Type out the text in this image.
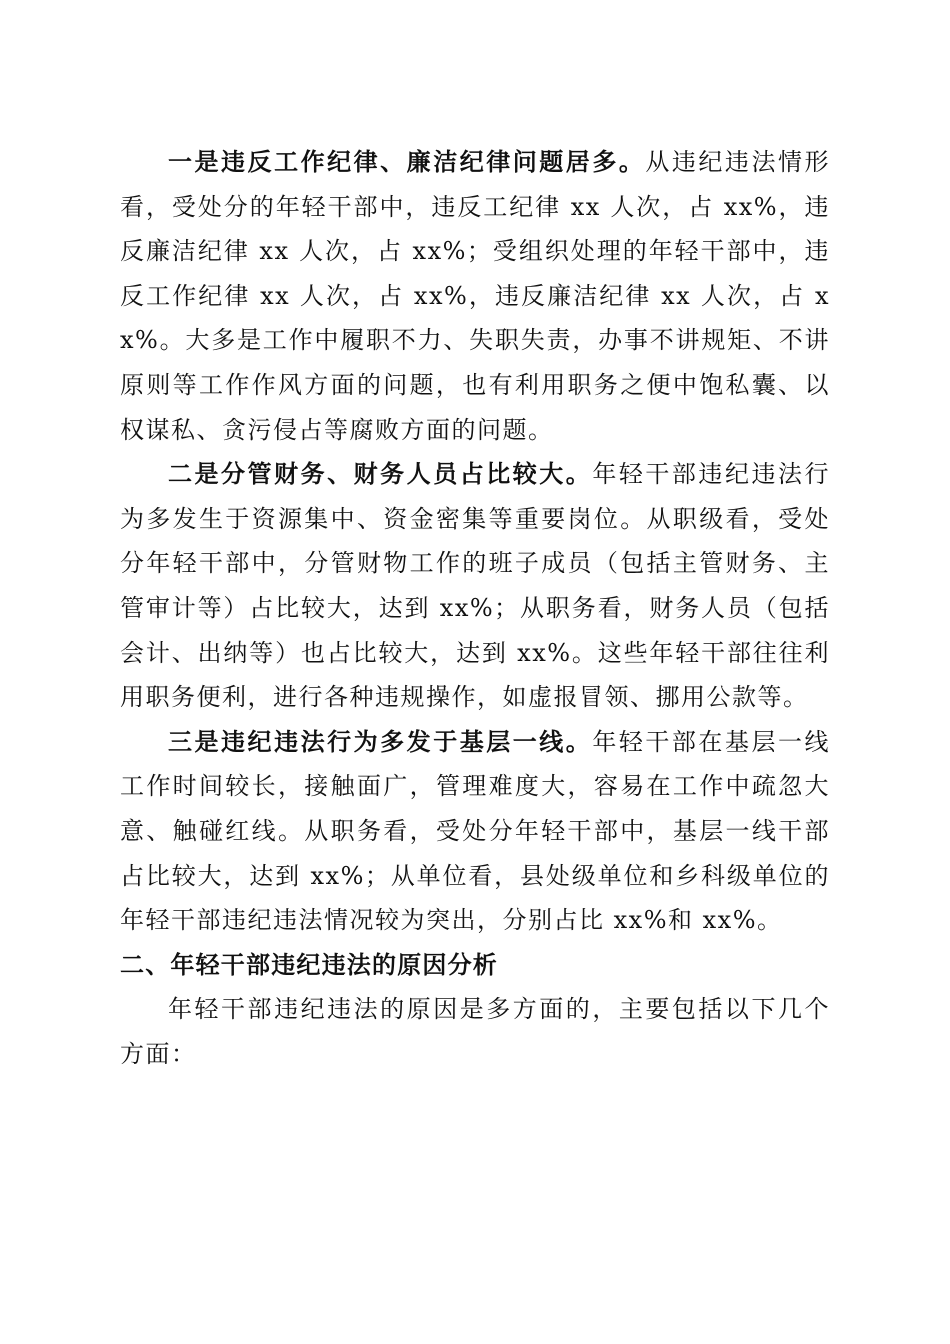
一是违反工作纪律、廉洁纪律问题居多。从违纪违法情形看，受处分的年轻干部中，违反工纪律 xx 人次，占 xx%，违反廉洁纪律 xx 人次，占 xx%；受组织处理的年轻干部中，违反工作纪律 xx 人次，占 xx%，违反廉洁纪律 xx 人次，占 xx%。大多是工作中履职不力、失职失责，办事不讲规矩、不讲原则等工作作风方面的问题，也有利用职务之便中饱私囊、以权谋私、贪污侵占等腐败方面的问题。

二是分管财务、财务人员占比较大。年轻干部违纪违法行为多发生于资源集中、资金密集等重要岗位。从职级看，受处分年轻干部中，分管财物工作的班子成员（包括主管财务、主管审计等）占比较大，达到 xx%；从职务看，财务人员（包括会计、出纳等）也占比较大，达到 xx%。这些年轻干部往往利用职务便利，进行各种违规操作，如虚报冒领、挪用公款等。

三是违纪违法行为多发于基层一线。年轻干部在基层一线工作时间较长，接触面广，管理难度大，容易在工作中疏忽大意、触碰红线。从职务看，受处分年轻干部中，基层一线干部占比较大，达到 xx%；从单位看，县处级单位和乡科级单位的年轻干部违纪违法情况较为突出，分别占比 xx%和 xx%。

二、年轻干部违纪违法的原因分析

年轻干部违纪违法的原因是多方面的，主要包括以下几个方面：
